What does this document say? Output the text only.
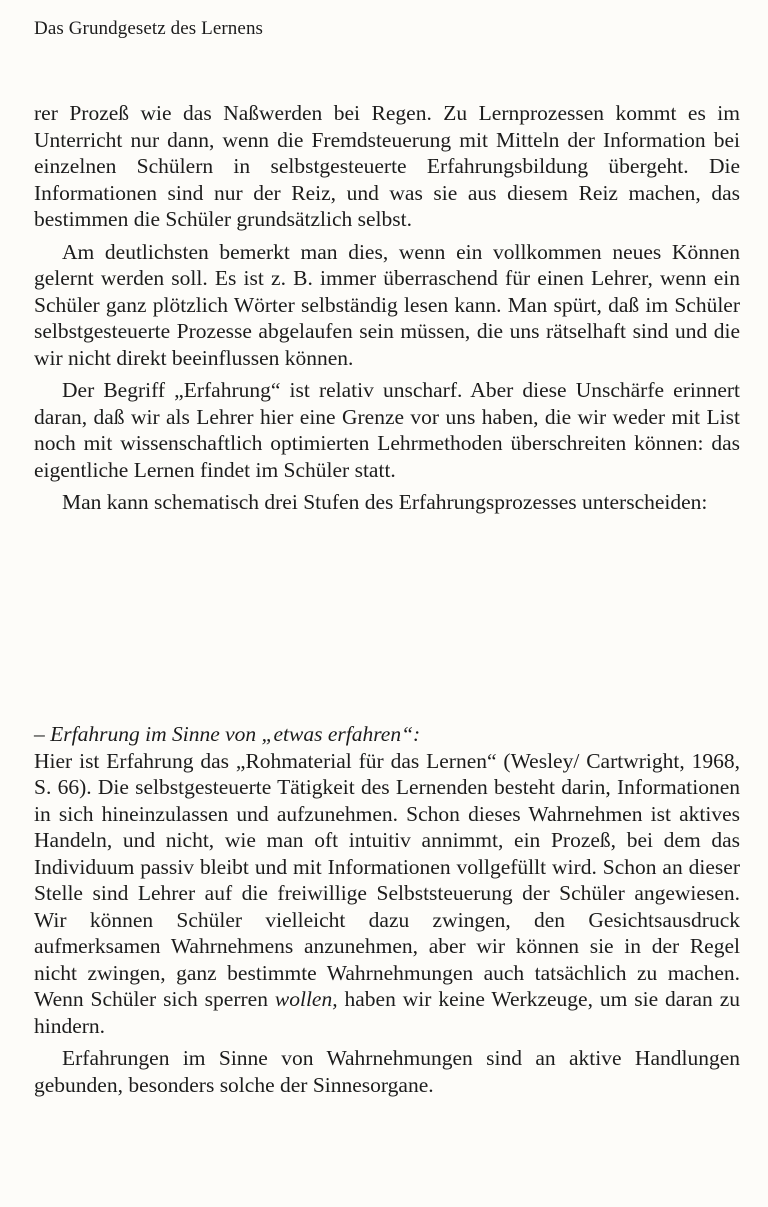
Das Grundgesetz des Lernens

rer Prozeß wie das Naßwerden bei Regen. Zu Lernprozessen kommt es im Unterricht nur dann, wenn die Fremdsteuerung mit Mitteln der Information bei einzelnen Schülern in selbstgesteuerte Erfahrungsbildung übergeht. Die Informationen sind nur der Reiz, und was sie aus diesem Reiz machen, das bestimmen die Schüler grundsätzlich selbst.

Am deutlichsten bemerkt man dies, wenn ein vollkommen neues Können gelernt werden soll. Es ist z. B. immer überraschend für einen Lehrer, wenn ein Schüler ganz plötzlich Wörter selbständig lesen kann. Man spürt, daß im Schüler selbstgesteuerte Prozesse abgelaufen sein müssen, die uns rätselhaft sind und die wir nicht direkt beeinflussen können.

Der Begriff „Erfahrung“ ist relativ unscharf. Aber diese Unschärfe erinnert daran, daß wir als Lehrer hier eine Grenze vor uns haben, die wir weder mit List noch mit wissenschaftlich optimierten Lehrmethoden überschreiten können: das eigentliche Lernen findet im Schüler statt.

Man kann schematisch drei Stufen des Erfahrungsprozesses unterscheiden:

– Erfahrung im Sinne von „etwas erfahren“:

Hier ist Erfahrung das „Rohmaterial für das Lernen“ (Wesley/ Cartwright, 1968, S. 66). Die selbstgesteuerte Tätigkeit des Lernenden besteht darin, Informationen in sich hineinzulassen und aufzunehmen. Schon dieses Wahrnehmen ist aktives Handeln, und nicht, wie man oft intuitiv annimmt, ein Prozeß, bei dem das Individuum passiv bleibt und mit Informationen vollgefüllt wird. Schon an dieser Stelle sind Lehrer auf die freiwillige Selbststeuerung der Schüler angewiesen. Wir können Schüler vielleicht dazu zwingen, den Gesichtsausdruck aufmerksamen Wahrnehmens anzunehmen, aber wir können sie in der Regel nicht zwingen, ganz bestimmte Wahrnehmungen auch tatsächlich zu machen. Wenn Schüler sich sperren wollen, haben wir keine Werkzeuge, um sie daran zu hindern.

Erfahrungen im Sinne von Wahrnehmungen sind an aktive Handlungen gebunden, besonders solche der Sinnesorgane.
